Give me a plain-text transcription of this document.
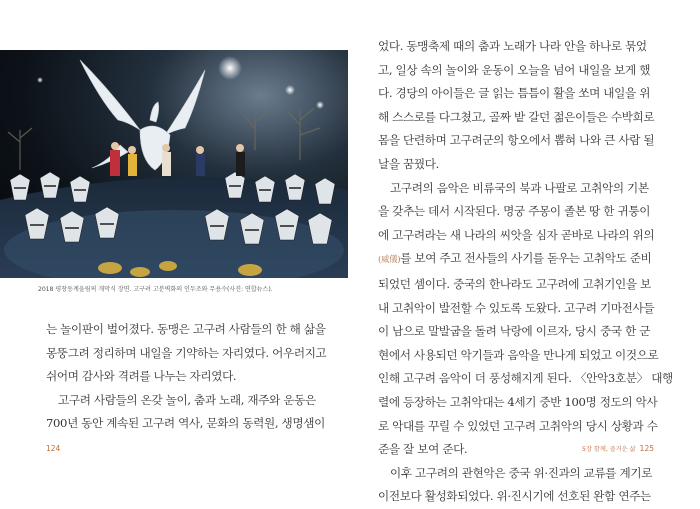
2018 평창동계올림픽 개막식 장면. 고구려 고분벽화의 인두조와 무용수(사진: 연합뉴스).
는 놀이판이 벌어졌다. 동맹은 고구려 사람들의 한 해 삶을
몽뚱그려 정리하며 내일을 기약하는 자리였다. 어우러지고
쉬어며 감사와 격려를 나누는 자리였다.
고구려 사람들의 온갖 놀이, 춤과 노래, 재주와 운동은
700년 동안 계속된 고구려 역사, 문화의 동력원, 생명샘이
124
었다. 동맹축제 때의 춤과 노래가 나라 안을 하나로 묶었
고, 일상 속의 놀이와 운동이 오늘을 넘어 내일을 보게 했
다. 경당의 아이들은 글 읽는 틈틈이 활을 쏘며 내일을 위
해 스스로를 다그쳤고, 골짜 밭 갈던 젊은이들은 수박희로
몸을 단련하며 고구려군의 항오에서 뽑혀 나와 큰 사람 될
날을 꿈꿨다.
고구려의 음악은 비류국의 북과 나팔로 고취악의 기본
을 갖추는 데서 시작된다. 명궁 주몽이 졸본 땅 한 귀퉁이
에 고구려라는 새 나라의 씨앗을 심자 곧바로 나라의 위의
(威儀)를 보여 주고 전사들의 사기를 돋우는 고취악도 준비
되었던 셈이다. 중국의 한나라도 고구려에 고취기인을 보
내 고취악이 발전할 수 있도록 도왔다. 고구려 기마전사들
이 남으로 말발굽을 돌려 낙랑에 이르자, 당시 중국 한 군
현에서 사용되던 악기들과 음악을 만나게 되었고 이것으로
인해 고구려 음악이 더 풍성해지게 된다. 〈안악3호분〉 대행
렬에 등장하는 고취악대는 4세기 중반 100명 정도의 악사
로 악대를 꾸릴 수 있었던 고구려 고취악의 당시 상황과 수
준을 잘 보여 준다.
이후 고구려의 관현악은 중국 위·진과의 교류를 계기로
이전보다 활성화되었다. 위·진시기에 선호된 완함 연주는
5장 함께, 즐거운 삶 125
